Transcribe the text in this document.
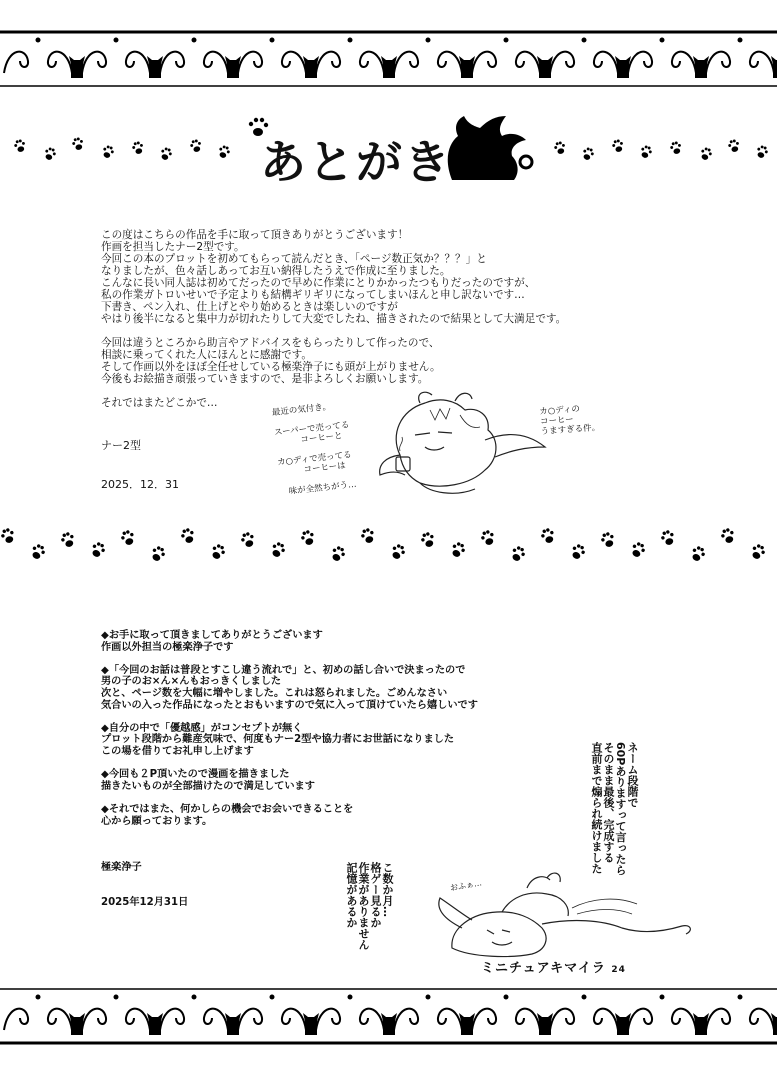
あとがき
この度はこちらの作品を手に取って頂きありがとうございます！
作画を担当したナー2型です。
今回この本のプロットを初めてもらって読んだとき、「ページ数正気か？？？」と
なりましたが、色々話しあってお互い納得したうえで作成に至りました。
こんなに長い同人誌は初めてだったので早めに作業にとりかかったつもりだったのですが、
私の作業ガトロいせいで予定よりも結構ギリギリになってしまいほんと申し訳ないです…
下書き、ペン入れ、仕上げとやり始めるときは楽しいのですが
やはり後半になると集中力が切れたりして大変でしたね、描きされたので結果として大満足です。

今回は違うところから助言やアドバイスをもらったりして作ったので、
相談に乗ってくれた人にほんとに感謝です。
そして作画以外をほぼ全任せしている極楽浄子にも頭が上がりません。
今後もお絵描き頑張っていきますので、是非よろしくお願いします。

それではまたどこかで…

ナー2型

2025．12．31

最近の気付き。

スーパーで売ってる
　　　コーヒーと

カ○ディで売ってる
　　　コーヒーは

　味が全然ちがう…
カ○ディの
コーヒー
うますぎる件。
◆お手に取って頂きましてありがとうございます
作画以外担当の極楽浄子です

◆「今回のお話は普段とすこし違う流れで」と、初めの話し合いで決まったので
男の子のお×ん×んもおっきくしました
次と、ページ数を大幅に増やしました。これは怒られました。ごめんなさい
気合いの入った作品になったとおもいますので気に入って頂けていたら嬉しいです

◆自分の中で「優越感」がコンセプトが無く
プロット段階から難産気味で、何度もナー2型や協力者にお世話になりました
この場を借りてお礼申し上げます

◆今回も２P頂いたので漫画を描きました
描きたいものが全部描けたので満足しています

◆それではまた、何かしらの機会でお会いできることを
心から願っております。

極楽浄子

2025年12月31日

ネーム段階で
60Pありますって言ったら
そのまま最後、完成する
直前まで煽られ続けました
こ数か月…
格ゲー見るか
作業がありません
記憶があるか	おふぁ…
ミニチュアキマイラ 24
